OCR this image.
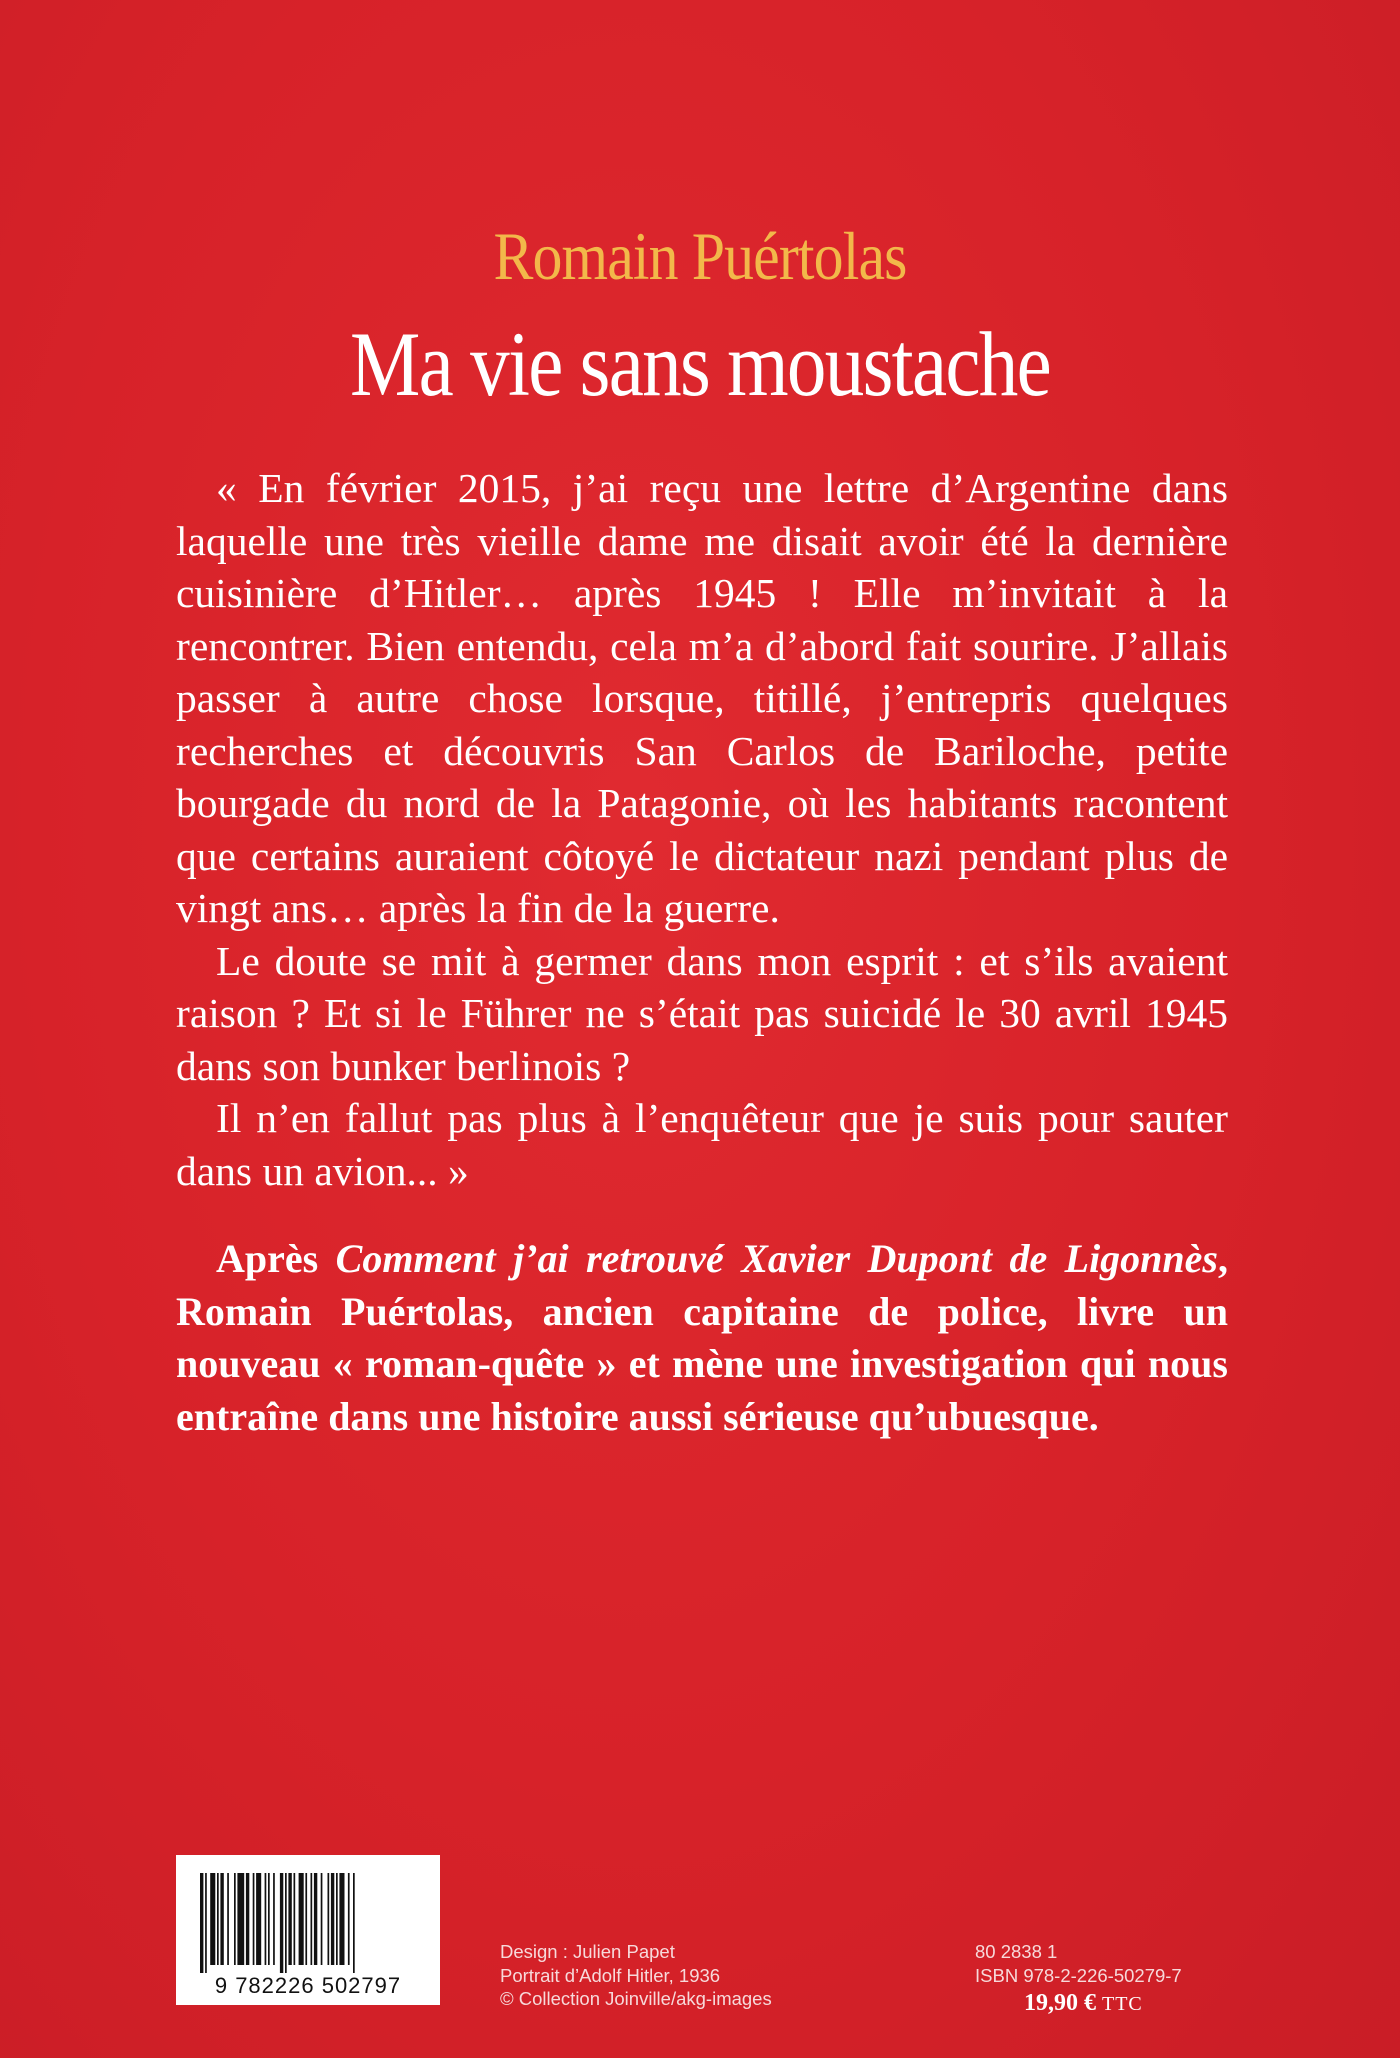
Romain Puértolas
Ma vie sans moustache

« En février 2015, j’ai reçu une lettre d’Argentine dans laquelle une très vieille dame me disait avoir été la dernière cuisinière d’Hitler… après 1945 ! Elle m’invitait à la rencontrer. Bien entendu, cela m’a d’abord fait sourire. J’allais passer à autre chose lorsque, titillé, j’entrepris quelques recherches et découvris San Carlos de Bariloche, petite bourgade du nord de la Patagonie, où les habitants racontent que certains auraient côtoyé le dictateur nazi pendant plus de vingt ans… après la fin de la guerre.

Le doute se mit à germer dans mon esprit : et s’ils avaient raison ? Et si le Führer ne s’était pas suicidé le 30 avril 1945 dans son bunker berlinois ?

Il n’en fallut pas plus à l’enquêteur que je suis pour sauter dans un avion... »

Après Comment j’ai retrouvé Xavier Dupont de Ligonnès, Romain Puértolas, ancien capitaine de police, livre un nouveau « roman-quête » et mène une investigation qui nous entraîne dans une histoire aussi sérieuse qu’ubuesque.

9 782226 502797
Design : Julien Papet
Portrait d’Adolf Hitler, 1936
© Collection Joinville/akg-images
80 2838 1
ISBN 978-2-226-50279-7
19,90 € TTC
